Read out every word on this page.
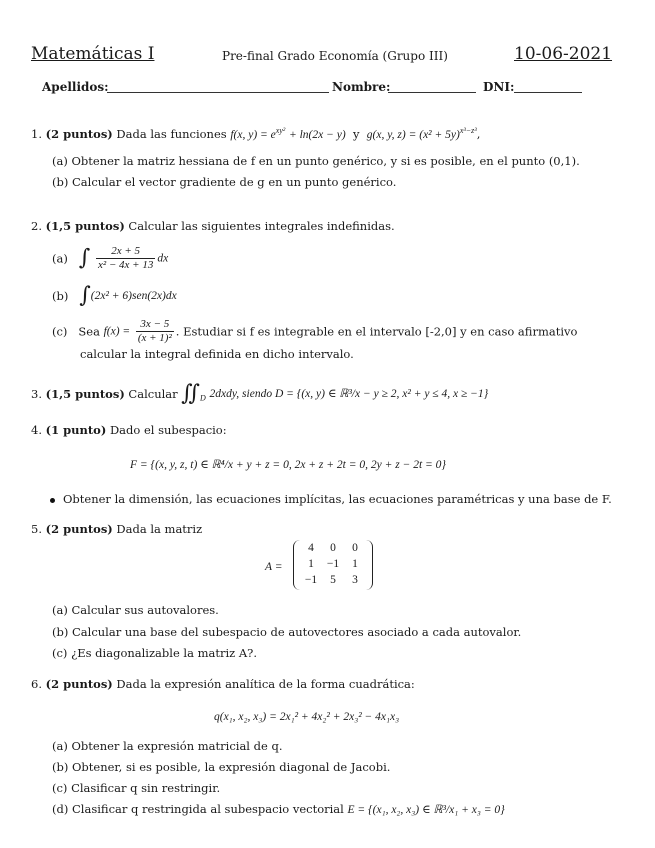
Matemáticas I	Pre-final Grado Economía (Grupo III)	10-06-2021
Apellidos:	Nombre:	DNI:
1. (2 puntos) Dada las funciones f(x, $y) = e^{xy^2} + \ln(2x - y)$ y g(x, y, $z) = (x^2 + 5y)^{x^3-z^3}$,
(a) Obtener la matriz hessiana de f en un punto genérico, y si es posible, en el punto (0,1).
(b) Calcular el vector gradiente de g en un punto genérico.
2. (1,5 puntos) Calcular las siguientes integrales indefinidas.
(a) ∫ $\frac{2x + 5}{\text{x² − 4x + 13}}$ dx
(b) ∫(2x² + 6)sen(2x)dx
(c) Sea $f(x) = \frac{3x - 5}{\text{(x + 1)²}}$ . Estudiar si f es integrable en el intervalo [-2,0] y en caso afirmativo
calcular la integral definida en dicho intervalo.
3. (1,5 puntos) Calcular $∬_D$ 2dxdy, siendo D = {(x, y) ∈ ℝ³/x − y ≥ 2, x² + y ≤ 4, x ≥ −1}
4. (1 punto) Dado el subespacio:
F = {(x, y, z, t) ∈ ℝ⁴/x + y + z = 0, 2x + z + 2t = 0, 2y + z − 2t = 0}
Obtener la dimensión, las ecuaciones implícitas, las ecuaciones paramétricas y una base de F.
5. (2 puntos) Dada la matriz
A =
4	0	0
1	−1	1
−1	5	3
(a) Calcular sus autovalores.
(b) Calcular una base del subespacio de autovectores asociado a cada autovalor.
(c) ¿Es diagonalizable la matriz A?.
6. (2 puntos) Dada la expresión analítica de la forma cuadrática:
q(x₁, x₂, x₃) = 2x₁² + 4x₂² + 2x₃² − 4x₁x₃
(a) Obtener la expresión matricial de q.
(b) Obtener, si es posible, la expresión diagonal de Jacobi.
(c) Clasificar q sin restringir.
(d) Clasificar q restringida al subespacio vectorial E = {(x₁, x₂, x₃) ∈ ℝ³/x₁ + x₃ = 0}
